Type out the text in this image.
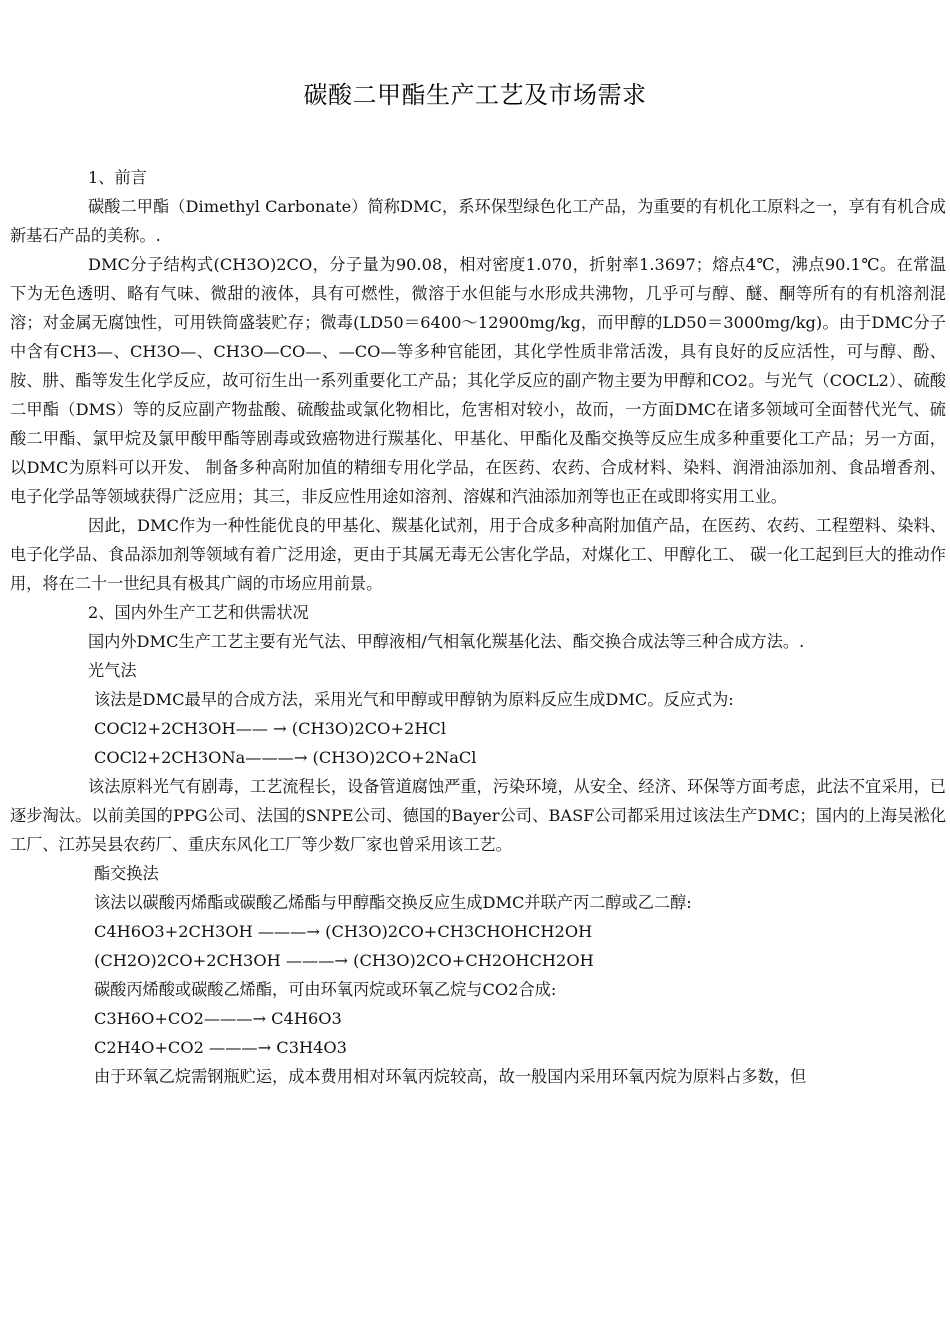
碳酸二甲酯生产工艺及市场需求

1、前言

碳酸二甲酯（Dimethyl Carbonate）简称DMC，系环保型绿色化工产品，为重要的有机化工原料之一，享有有机合成新基石产品的美称。.

DMC分子结构式(CH3O)2CO，分子量为90.08，相对密度1.070，折射率1.3697；熔点4℃，沸点90.1℃。在常温下为无色透明、略有气味、微甜的液体，具有可燃性，微溶于水但能与水形成共沸物，几乎可与醇、醚、酮等所有的有机溶剂混溶；对金属无腐蚀性，可用铁筒盛装贮存；微毒(LD50＝6400～12900mg/kg，而甲醇的LD50＝3000mg/kg)。由于DMC分子中含有CH3—、CH3O—、CH3O—CO—、—CO—等多种官能团，其化学性质非常活泼，具有良好的反应活性，可与醇、酚、胺、肼、酯等发生化学反应，故可衍生出一系列重要化工产品；其化学反应的副产物主要为甲醇和CO2。与光气（COCL2）、硫酸二甲酯（DMS）等的反应副产物盐酸、硫酸盐或氯化物相比，危害相对较小，故而，一方面DMC在诸多领域可全面替代光气、硫酸二甲酯、氯甲烷及氯甲酸甲酯等剧毒或致癌物进行羰基化、甲基化、甲酯化及酯交换等反应生成多种重要化工产品；另一方面，以DMC为原料可以开发、 制备多种高附加值的精细专用化学品，在医药、农药、合成材料、染料、润滑油添加剂、食品增香剂、电子化学品等领域获得广泛应用；其三，非反应性用途如溶剂、溶媒和汽油添加剂等也正在或即将实用工业。

因此，DMC作为一种性能优良的甲基化、羰基化试剂，用于合成多种高附加值产品，在医药、农药、工程塑料、染料、电子化学品、食品添加剂等领域有着广泛用途，更由于其属无毒无公害化学品，对煤化工、甲醇化工、 碳一化工起到巨大的推动作用，将在二十一世纪具有极其广阔的市场应用前景。

2、国内外生产工艺和供需状况

国内外DMC生产工艺主要有光气法、甲醇液相/气相氧化羰基化法、酯交换合成法等三种合成方法。.

光气法

该法是DMC最早的合成方法，采用光气和甲醇或甲醇钠为原料反应生成DMC。反应式为:

COCl2+2CH3OH—— → (CH3O)2CO+2HCl

COCl2+2CH3ONa———→ (CH3O)2CO+2NaCl

该法原料光气有剧毒，工艺流程长，设备管道腐蚀严重，污染环境，从安全、经济、环保等方面考虑，此法不宜采用，已逐步淘汰。以前美国的PPG公司、法国的SNPE公司、德国的Bayer公司、BASF公司都采用过该法生产DMC；国内的上海吴淞化工厂、江苏吴县农药厂、重庆东风化工厂等少数厂家也曾采用该工艺。

酯交换法

该法以碳酸丙烯酯或碳酸乙烯酯与甲醇酯交换反应生成DMC并联产丙二醇或乙二醇:

C4H6O3+2CH3OH ———→ (CH3O)2CO+CH3CHOHCH2OH

(CH2O)2CO+2CH3OH ———→ (CH3O)2CO+CH2OHCH2OH

碳酸丙烯酸或碳酸乙烯酯，可由环氧丙烷或环氧乙烷与CO2合成:

C3H6O+CO2———→ C4H6O3

C2H4O+CO2 ———→ C3H4O3

由于环氧乙烷需钢瓶贮运，成本费用相对环氧丙烷较高，故一般国内采用环氧丙烷为原料占多数，但
